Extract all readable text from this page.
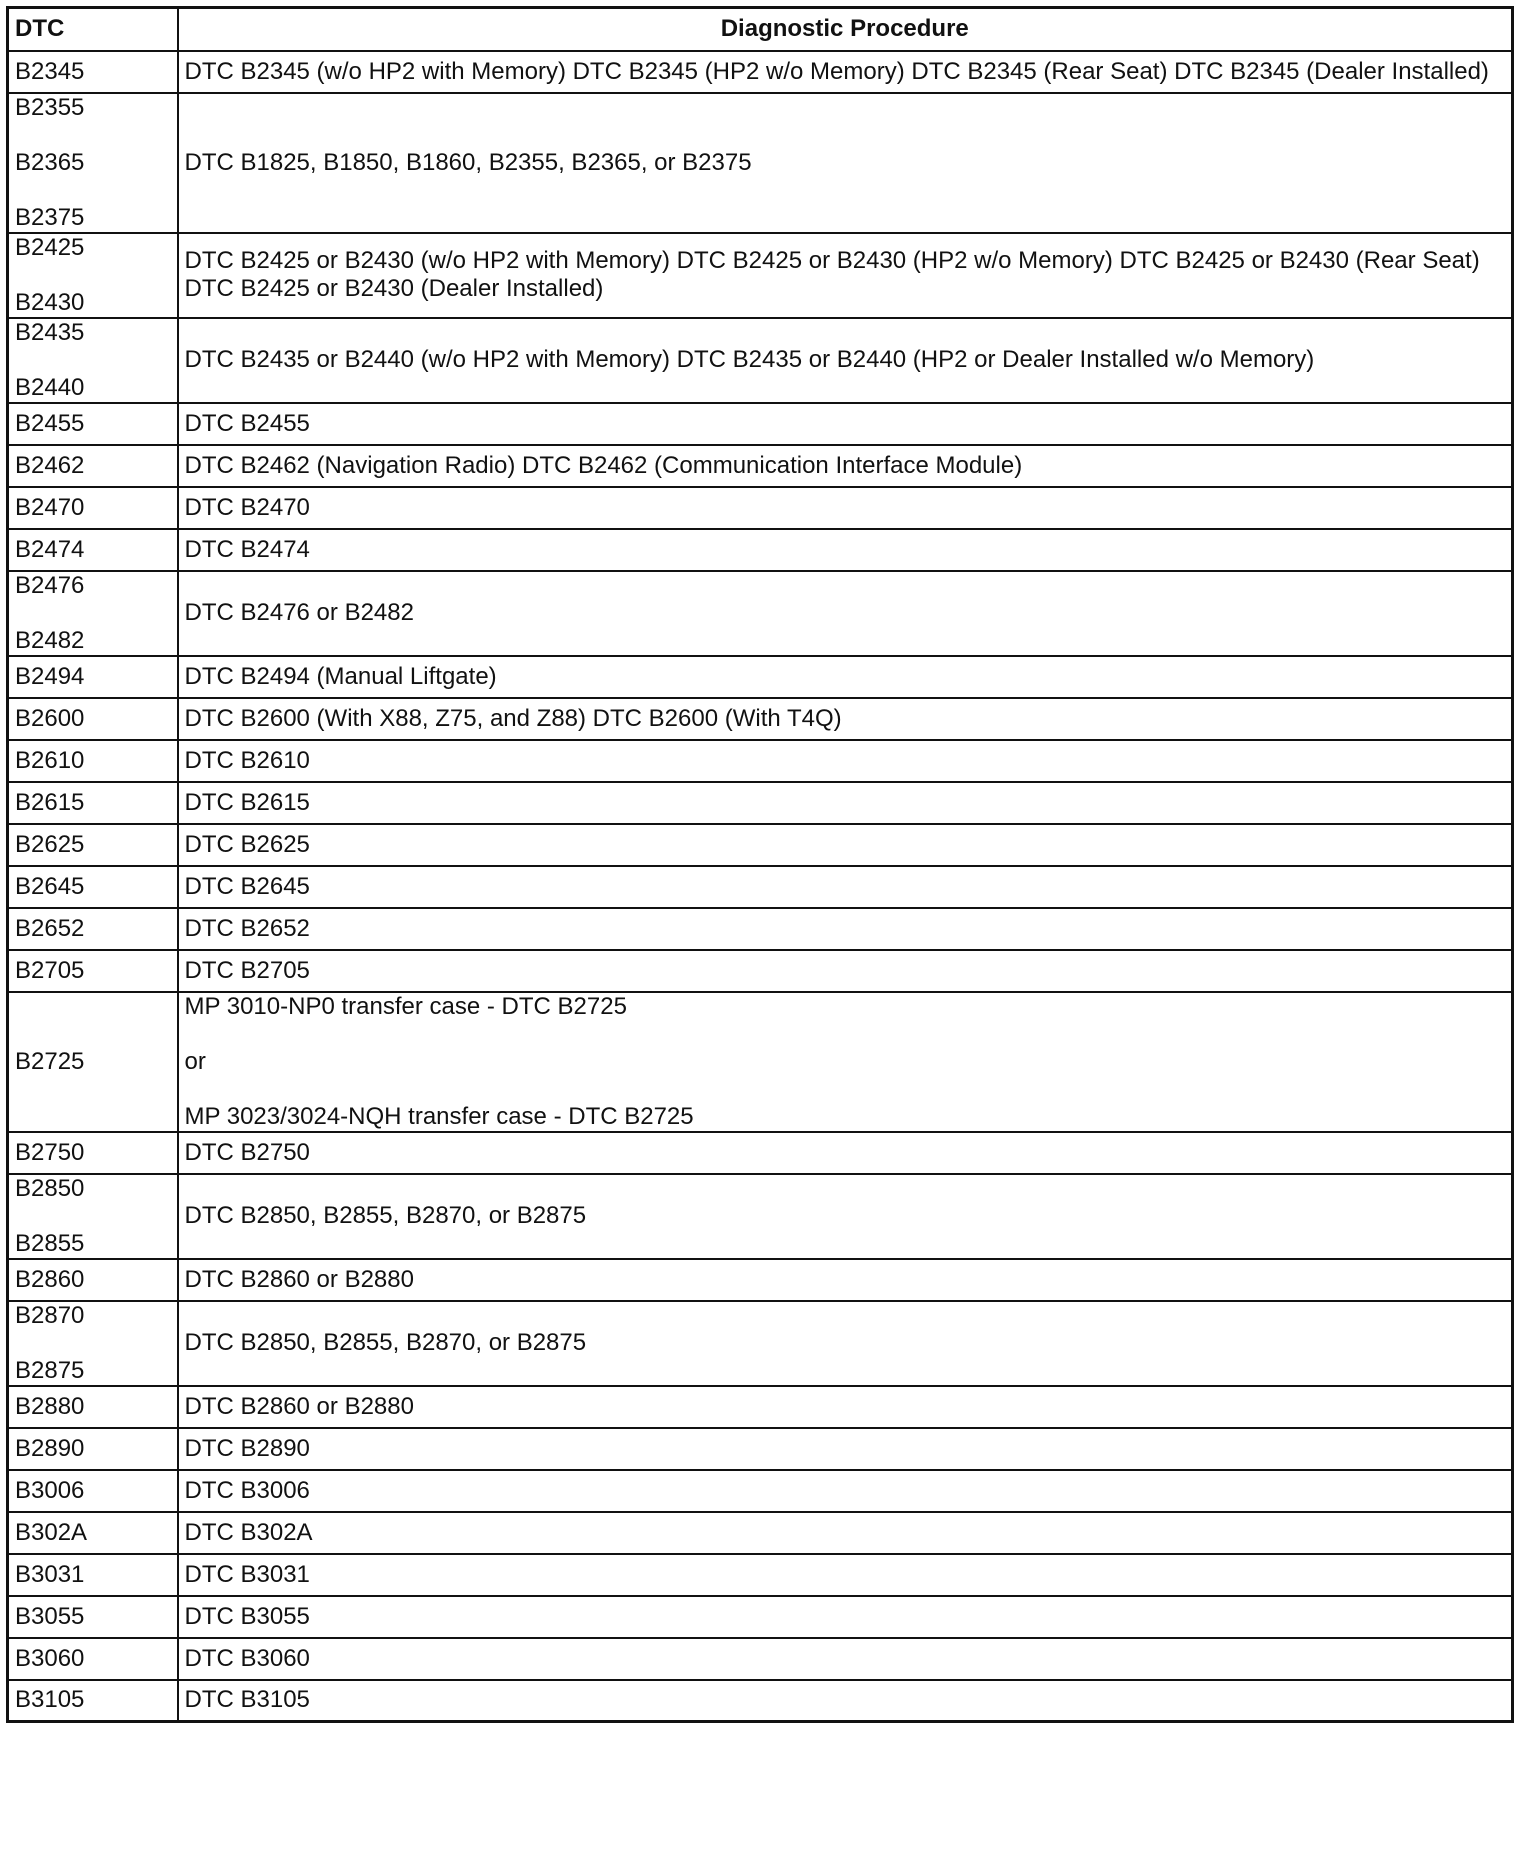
DTC	Diagnostic Procedure

B2345	DTC B2345 (w/o HP2 with Memory) DTC B2345 (HP2 w/o Memory) DTC B2345 (Rear Seat) DTC B2345 (Dealer Installed)

B2355
B2365
B2375	DTC B1825, B1850, B1860, B2355, B2365, or B2375

B2425
B2430	DTC B2425 or B2430 (w/o HP2 with Memory) DTC B2425 or B2430 (HP2 w/o Memory) DTC B2425 or B2430 (Rear Seat) DTC B2425 or B2430 (Dealer Installed)

B2435
B2440	DTC B2435 or B2440 (w/o HP2 with Memory) DTC B2435 or B2440 (HP2 or Dealer Installed w/o Memory)

B2455	DTC B2455

B2462	DTC B2462 (Navigation Radio) DTC B2462 (Communication Interface Module)

B2470	DTC B2470

B2474	DTC B2474

B2476
B2482	DTC B2476 or B2482

B2494	DTC B2494 (Manual Liftgate)

B2600	DTC B2600 (With X88, Z75, and Z88) DTC B2600 (With T4Q)

B2610	DTC B2610

B2615	DTC B2615

B2625	DTC B2625

B2645	DTC B2645

B2652	DTC B2652

B2705	DTC B2705

B2725	MP 3010-NP0 transfer case - DTC B2725
or
MP 3023/3024-NQH transfer case - DTC B2725

B2750	DTC B2750

B2850
B2855	DTC B2850, B2855, B2870, or B2875

B2860	DTC B2860 or B2880

B2870
B2875	DTC B2850, B2855, B2870, or B2875

B2880	DTC B2860 or B2880

B2890	DTC B2890

B3006	DTC B3006

B302A	DTC B302A

B3031	DTC B3031

B3055	DTC B3055

B3060	DTC B3060

B3105	DTC B3105
